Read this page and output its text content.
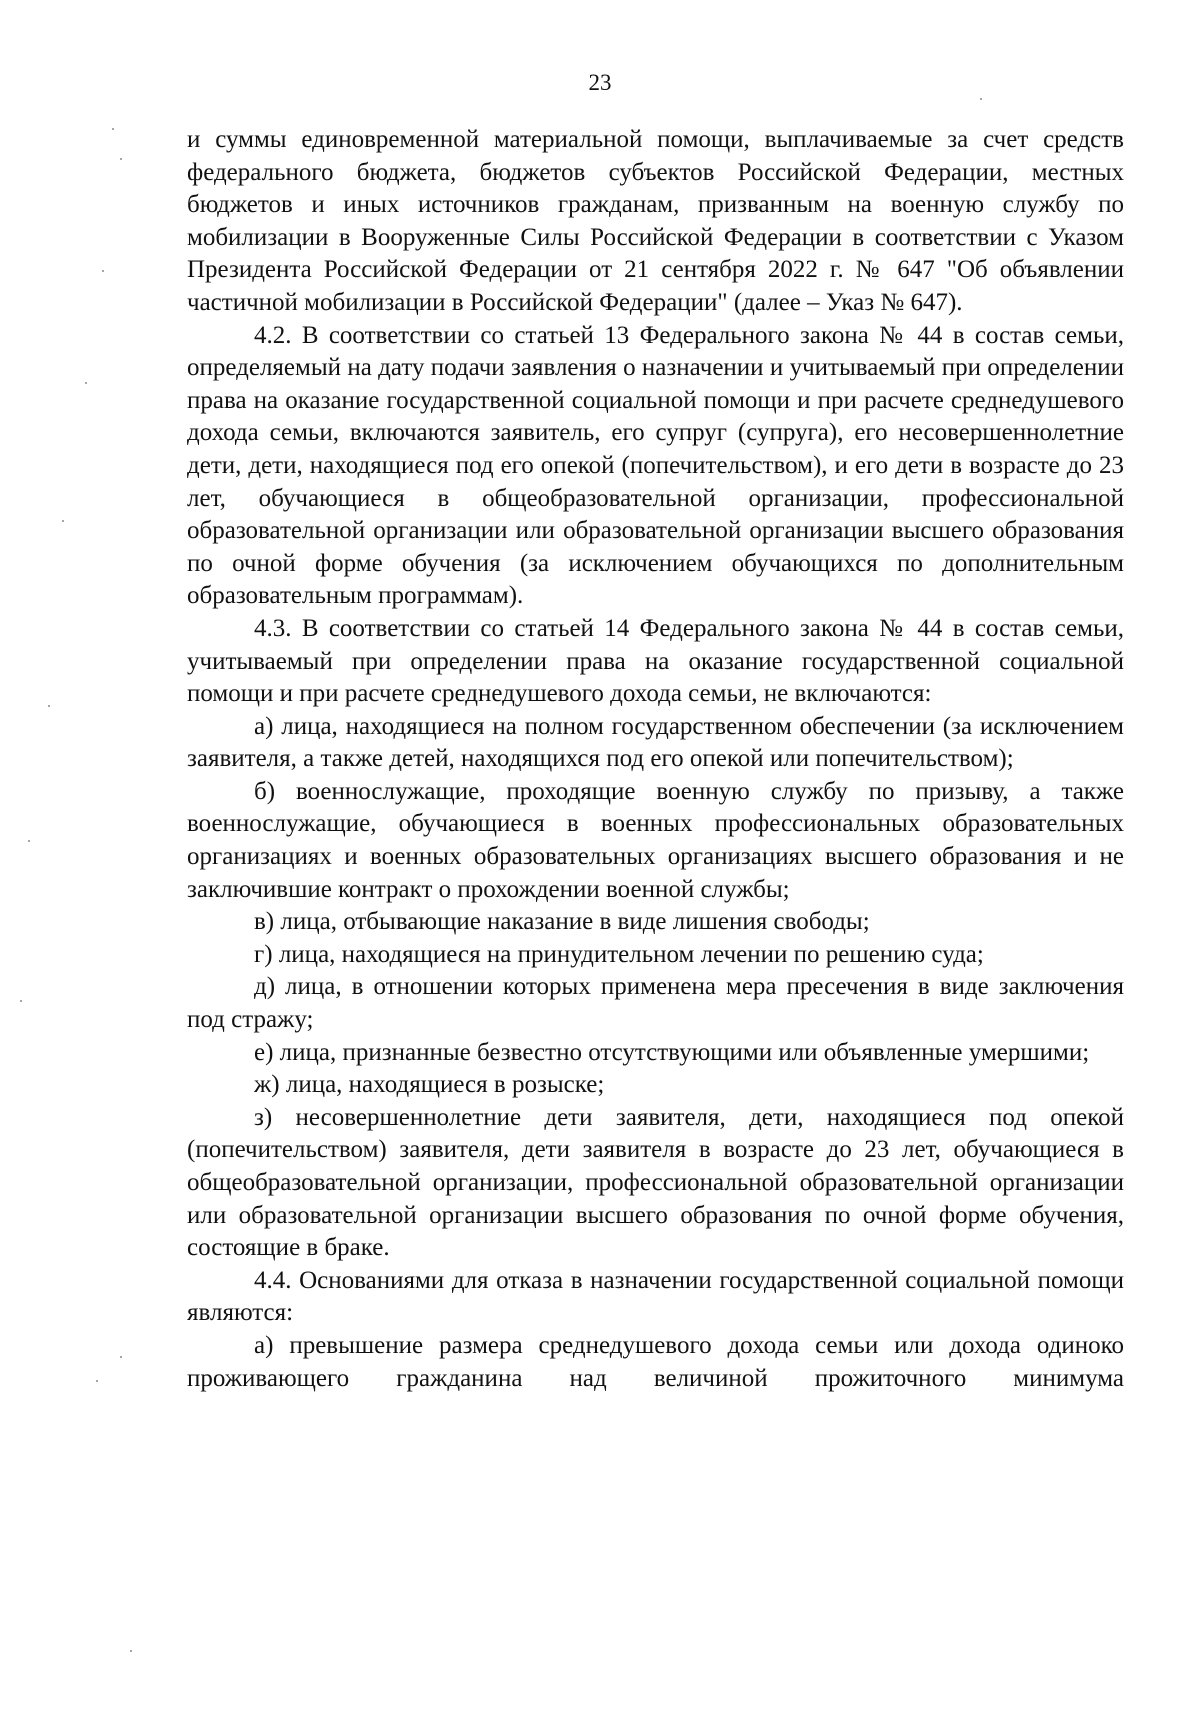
23

и суммы единовременной материальной помощи, выплачиваемые за счет средств федерального бюджета, бюджетов субъектов Российской Федерации, местных бюджетов и иных источников гражданам, призванным на военную службу по мобилизации в Вооруженные Силы Российской Федерации в соответствии с Указом Президента Российской Федерации от 21 сентября 2022 г. № 647 "Об объявлении частичной мобилизации в Российской Федерации" (далее – Указ № 647).

4.2. В соответствии со статьей 13 Федерального закона № 44 в состав семьи, определяемый на дату подачи заявления о назначении и учитываемый при определении права на оказание государственной социальной помощи и при расчете среднедушевого дохода семьи, включаются заявитель, его супруг (супруга), его несовершеннолетние дети, дети, находящиеся под его опекой (попечительством), и его дети в возрасте до 23 лет, обучающиеся в общеобразовательной организации, профессиональной образовательной организации или образовательной организации высшего образования по очной форме обучения (за исключением обучающихся по дополнительным образовательным программам).

4.3. В соответствии со статьей 14 Федерального закона № 44 в состав семьи, учитываемый при определении права на оказание государственной социальной помощи и при расчете среднедушевого дохода семьи, не включаются:

а) лица, находящиеся на полном государственном обеспечении (за исключением заявителя, а также детей, находящихся под его опекой или попечительством);

б) военнослужащие, проходящие военную службу по призыву, а также военнослужащие, обучающиеся в военных профессиональных образовательных организациях и военных образовательных организациях высшего образования и не заключившие контракт о прохождении военной службы;

в) лица, отбывающие наказание в виде лишения свободы;

г) лица, находящиеся на принудительном лечении по решению суда;

д) лица, в отношении которых применена мера пресечения в виде заключения под стражу;

е) лица, признанные безвестно отсутствующими или объявленные умершими;

ж) лица, находящиеся в розыске;

з) несовершеннолетние дети заявителя, дети, находящиеся под опекой (попечительством) заявителя, дети заявителя в возрасте до 23 лет, обучающиеся в общеобразовательной организации, профессиональной образовательной организации или образовательной организации высшего образования по очной форме обучения, состоящие в браке.

4.4. Основаниями для отказа в назначении государственной социальной помощи являются:

а) превышение размера среднедушевого дохода семьи или дохода одиноко проживающего гражданина над величиной прожиточного минимума
